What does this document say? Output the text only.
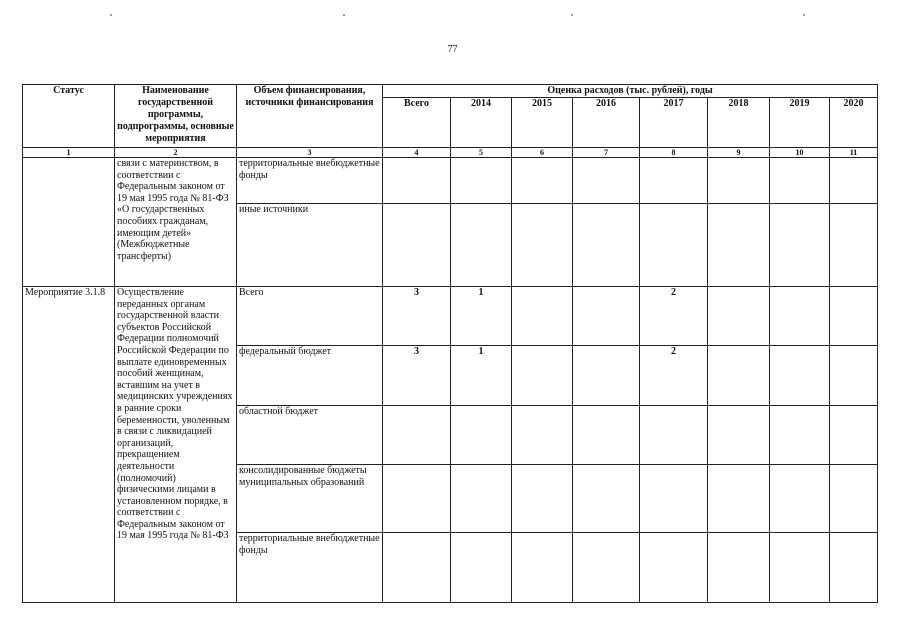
77
Статус	Наименование государственной программы, подпрограммы, основные мероприятия	Объем финансирования, источники финансирования	Оценка расходов (тыс. рублей), годы							
			Всего	2014	2015	2016	2017	2018	2019	2020
1	2	3	4	5	6	7	8	9	10	11
	связи с материнством, в соответствии с Федеральным законом от 19 мая 1995 года № 81-ФЗ «О государственных пособиях гражданам, имеющим детей» (Межбюджетные трансферты)	территориальные внебюджетные фонды								
		иные источники								
Мероприятие 3.1.8	Осуществление переданных органам государственной власти субъектов Российской Федерации полномочий Российской Федерации по выплате единовременных пособий женщинам, вставшим на учет в медицинских учреждениях в ранние сроки беременности, уволенным в связи с ликвидацией организаций, прекращением деятельности (полномочий) физическими лицами в установленном порядке, в соответствии с Федеральным законом от 19 мая 1995 года № 81-ФЗ	Всего	3	1			2			
		федеральный бюджет	3	1			2			
		областной бюджет								
		консолидированные бюджеты муниципальных образований								
		территориальные внебюджетные фонды								
